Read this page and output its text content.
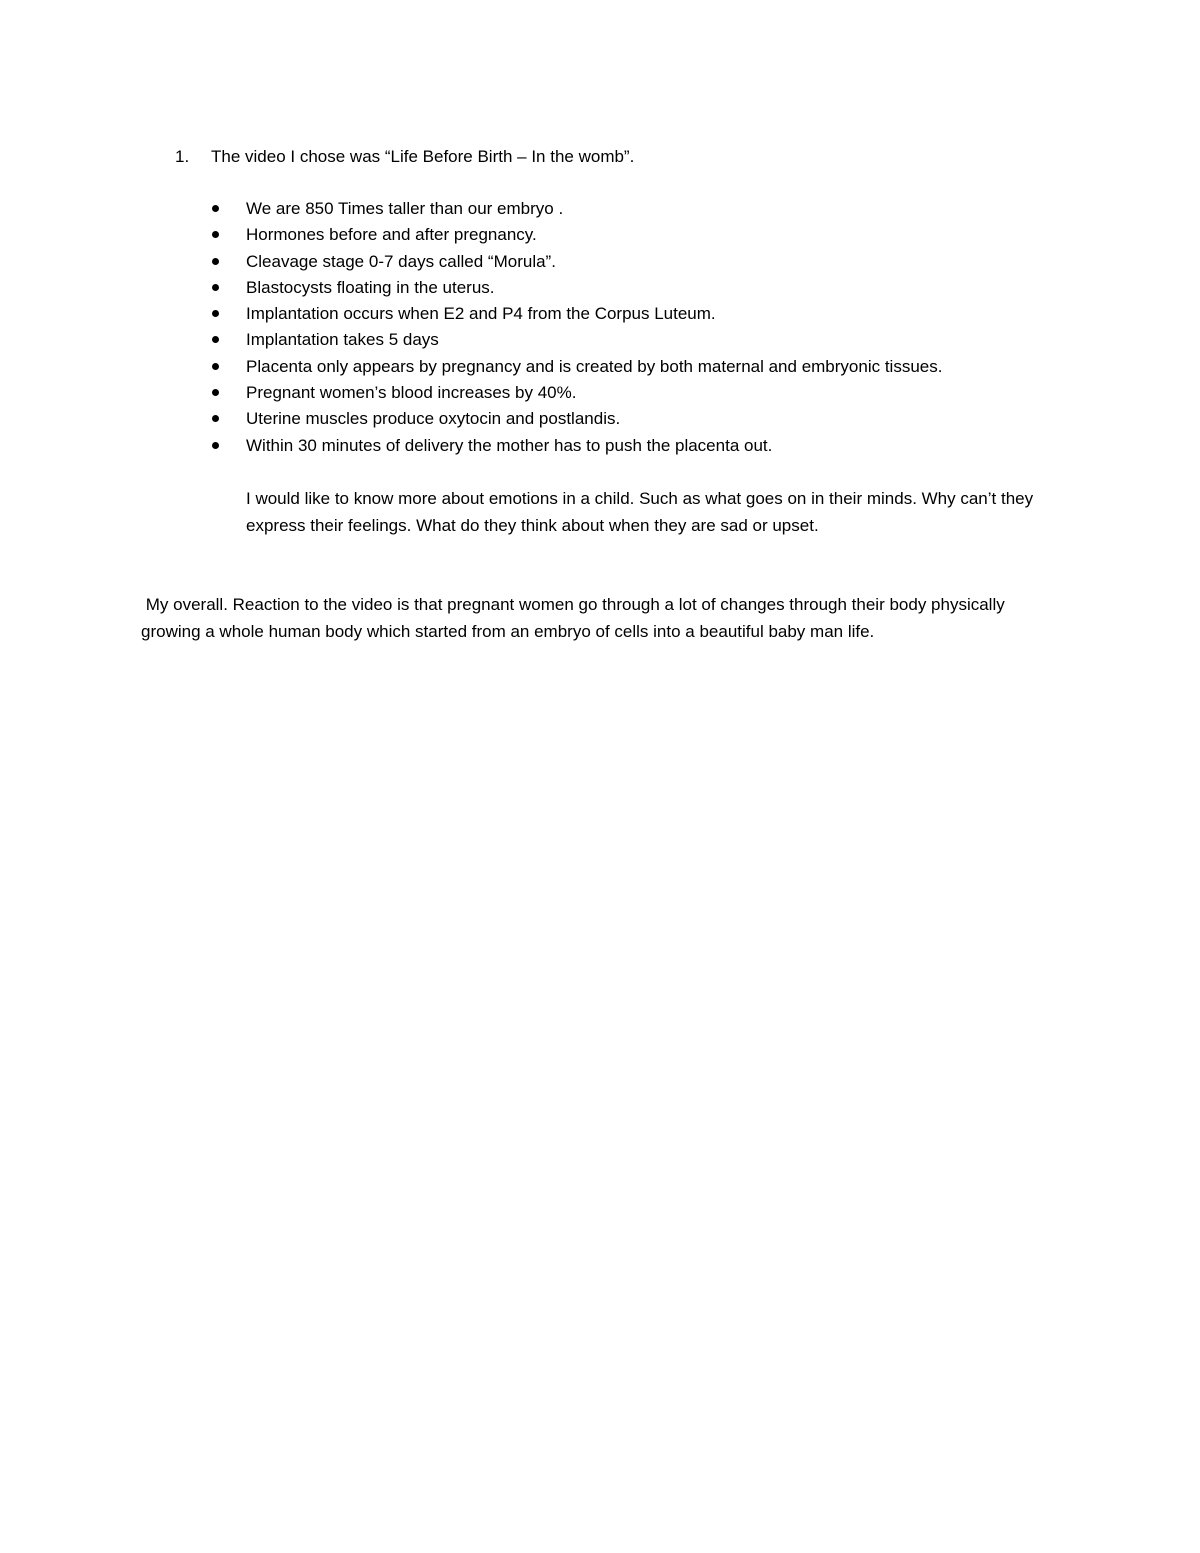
1.	The video I chose was “Life Before Birth – In the womb”.
We are 850 Times taller than our embryo .
Hormones before and after pregnancy.
Cleavage stage 0-7 days called “Morula”.
Blastocysts floating in the uterus.
Implantation occurs when E2 and P4 from the Corpus Luteum.
Implantation takes 5 days
Placenta only appears by pregnancy and is created by both maternal and embryonic tissues.
Pregnant women’s blood increases by 40%.
Uterine muscles produce oxytocin and postlandis.
Within 30 minutes of delivery the mother has to push the placenta out.

I would like to know more about emotions in a child. Such as what goes on in their minds. Why can’t they express their feelings. What do they think about when they are sad or upset.

My overall. Reaction to the video is that pregnant women go through a lot of changes through their body physically growing a whole human body which started from an embryo of cells into a beautiful baby man life.
